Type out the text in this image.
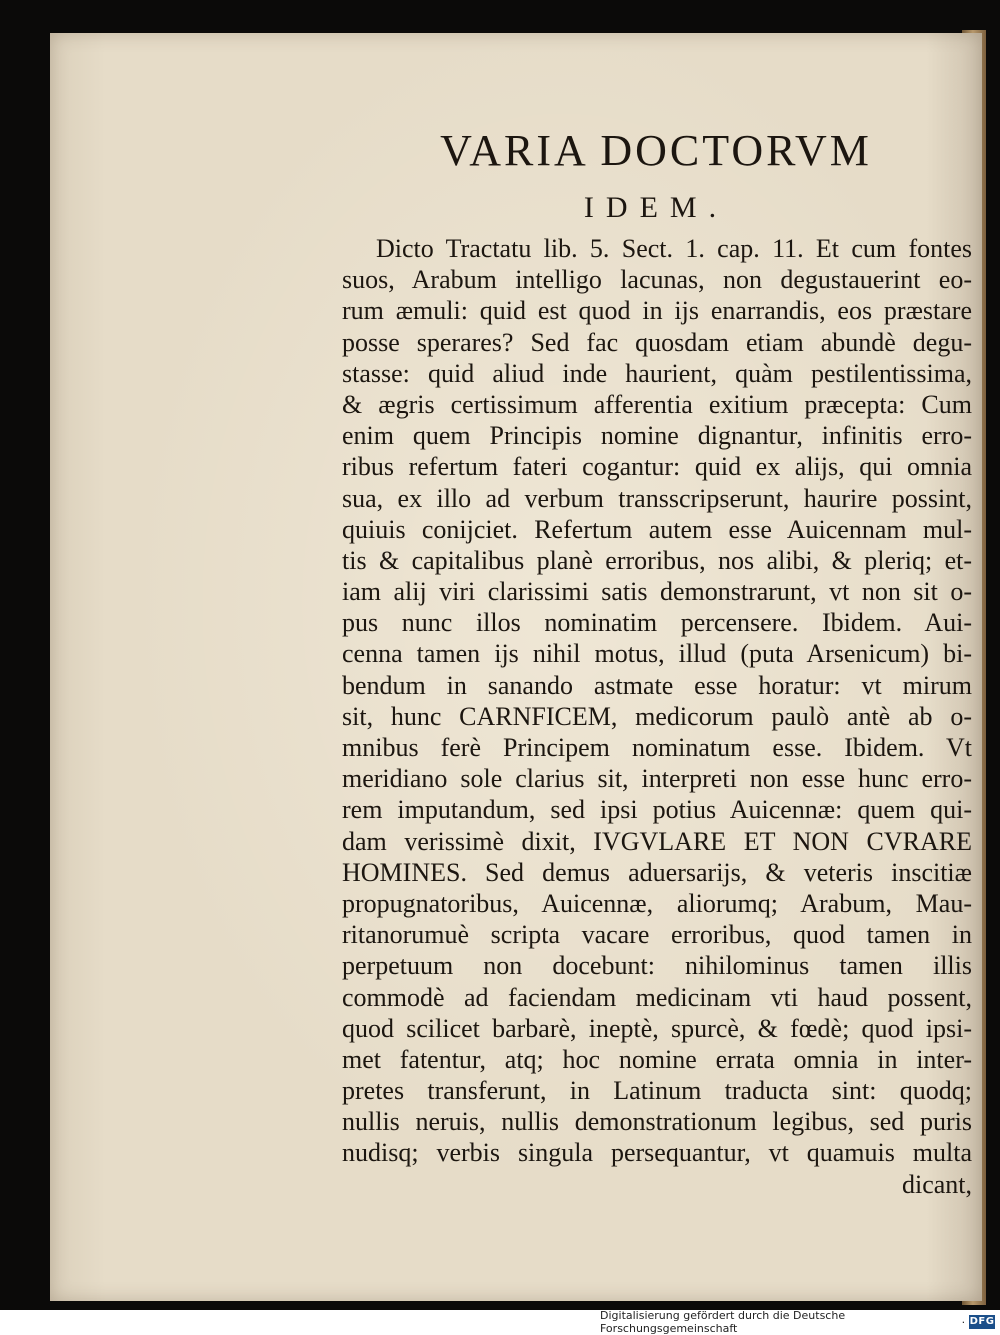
VARIA DOCTORVM
IDEM.
Dicto Tractatu lib. 5. Sect. 1. cap. 11. Et cum fontes
suos, Arabum intelligo lacunas, non degustauerint eo-
rum æmuli: quid est quod in ijs enarrandis, eos præstare
posse sperares? Sed fac quosdam etiam abundè degu-
stasse: quid aliud inde haurient, quàm pestilentissima,
& ægris certissimum afferentia exitium præcepta: Cum
enim quem Principis nomine dignantur, infinitis erro-
ribus refertum fateri cogantur: quid ex alijs, qui omnia
sua, ex illo ad verbum transscripserunt, haurire possint,
quiuis conijciet. Refertum autem esse Auicennam mul-
tis & capitalibus planè erroribus, nos alibi, & pleriq; et-
iam alij viri clarissimi satis demonstrarunt, vt non sit o-
pus nunc illos nominatim percensere. Ibidem. Aui-
cenna tamen ijs nihil motus, illud (puta Arsenicum) bi-
bendum in sanando astmate esse horatur: vt mirum
sit, hunc CARNFICEM, medicorum paulò antè ab o-
mnibus ferè Principem nominatum esse. Ibidem. Vt
meridiano sole clarius sit, interpreti non esse hunc erro-
rem imputandum, sed ipsi potius Auicennæ: quem qui-
dam verissimè dixit, IVGVLARE ET NON CVRARE
HOMINES. Sed demus aduersarijs, & veteris inscitiæ
propugnatoribus, Auicennæ, aliorumq; Arabum, Mau-
ritanorumuè scripta vacare erroribus, quod tamen in
perpetuum non docebunt: nihilominus tamen illis
commodè ad faciendam medicinam vti haud possent,
quod scilicet barbarè, ineptè, spurcè, & fœdè; quod ipsi-
met fatentur, atq; hoc nomine errata omnia in inter-
pretes transferunt, in Latinum traducta sint: quodq;
nullis neruis, nullis demonstrationum legibus, sed puris
nudisq; verbis singula persequantur, vt quamuis multa
dicant,
Digitalisierung gefördert durch die Deutsche Forschungsgemeinschaft	· DFG
